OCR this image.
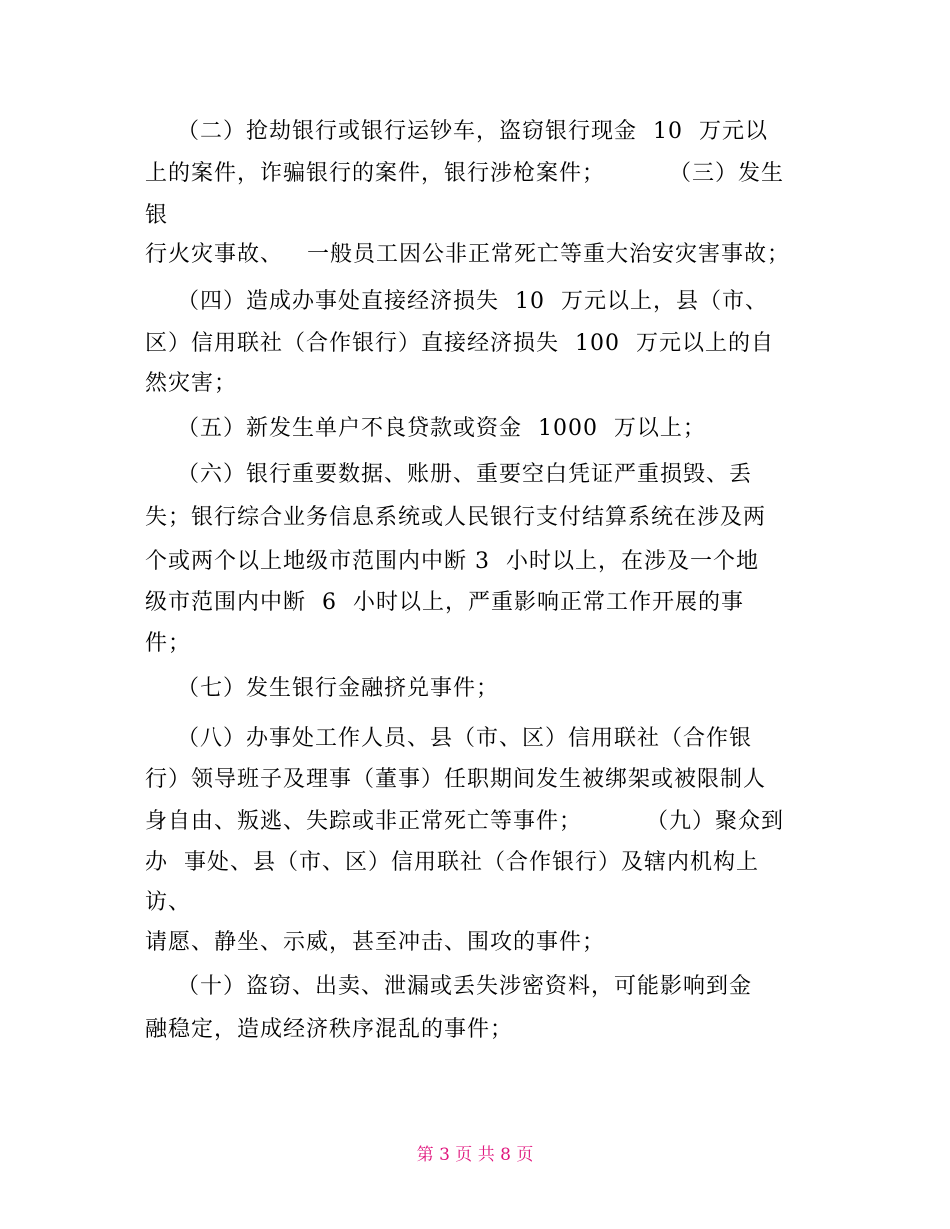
（二）抢劫银行或银行运钞车，盗窃银行现金  10  万元以
上的案件，诈骗银行的案件，银行涉枪案件；        （三）发生
银
行火灾事故、   一般员工因公非正常死亡等重大治安灾害事故；
（四）造成办事处直接经济损失  10  万元以上，县（市、
区）信用联社（合作银行）直接经济损失  100  万元以上的自
然灾害；
（五）新发生单户不良贷款或资金  1000  万以上；
（六）银行重要数据、账册、重要空白凭证严重损毁、丢
失；银行综合业务信息系统或人民银行支付结算系统在涉及两
个或两个以上地级市范围内中断 3  小时以上，在涉及一个地
级市范围内中断  6  小时以上，严重影响正常工作开展的事
件；
（七）发生银行金融挤兑事件；
（八）办事处工作人员、县（市、区）信用联社（合作银
行）领导班子及理事（董事）任职期间发生被绑架或被限制人
身自由、叛逃、失踪或非正常死亡等事件；        （九）聚众到
办  事处、县（市、区）信用联社（合作银行）及辖内机构上
访、
请愿、静坐、示威，甚至冲击、围攻的事件；
（十）盗窃、出卖、泄漏或丢失涉密资料，可能影响到金
融稳定，造成经济秩序混乱的事件；
第 3 页 共 8 页
